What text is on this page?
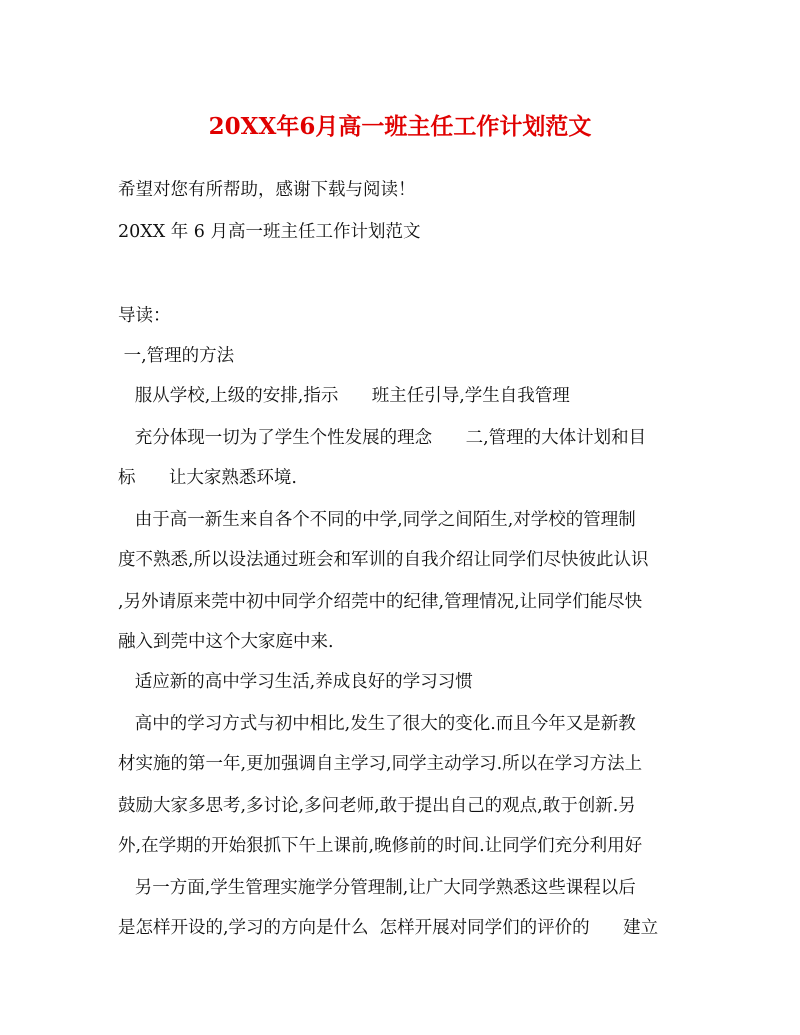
20XX年6月高一班主任工作计划范文
希望对您有所帮助，感谢下载与阅读！
20XX 年 6 月高一班主任工作计划范文
导读：
一,管理的方法
服从学校,上级的安排,指示      班主任引导,学生自我管理
充分体现一切为了学生个性发展的理念      二,管理的大体计划和目
标      让大家熟悉环境.
由于高一新生来自各个不同的中学,同学之间陌生,对学校的管理制
度不熟悉,所以设法通过班会和军训的自我介绍让同学们尽快彼此认识
,另外请原来莞中初中同学介绍莞中的纪律,管理情况,让同学们能尽快
融入到莞中这个大家庭中来.
适应新的高中学习生活,养成良好的学习习惯
高中的学习方式与初中相比,发生了很大的变化.而且今年又是新教
材实施的第一年,更加强调自主学习,同学主动学习.所以在学习方法上
鼓励大家多思考,多讨论,多问老师,敢于提出自己的观点,敢于创新.另
外,在学期的开始狠抓下午上课前,晚修前的时间.让同学们充分利用好
另一方面,学生管理实施学分管理制,让广大同学熟悉这些课程以后
是怎样开设的,学习的方向是什么  怎样开展对同学们的评价的      建立
